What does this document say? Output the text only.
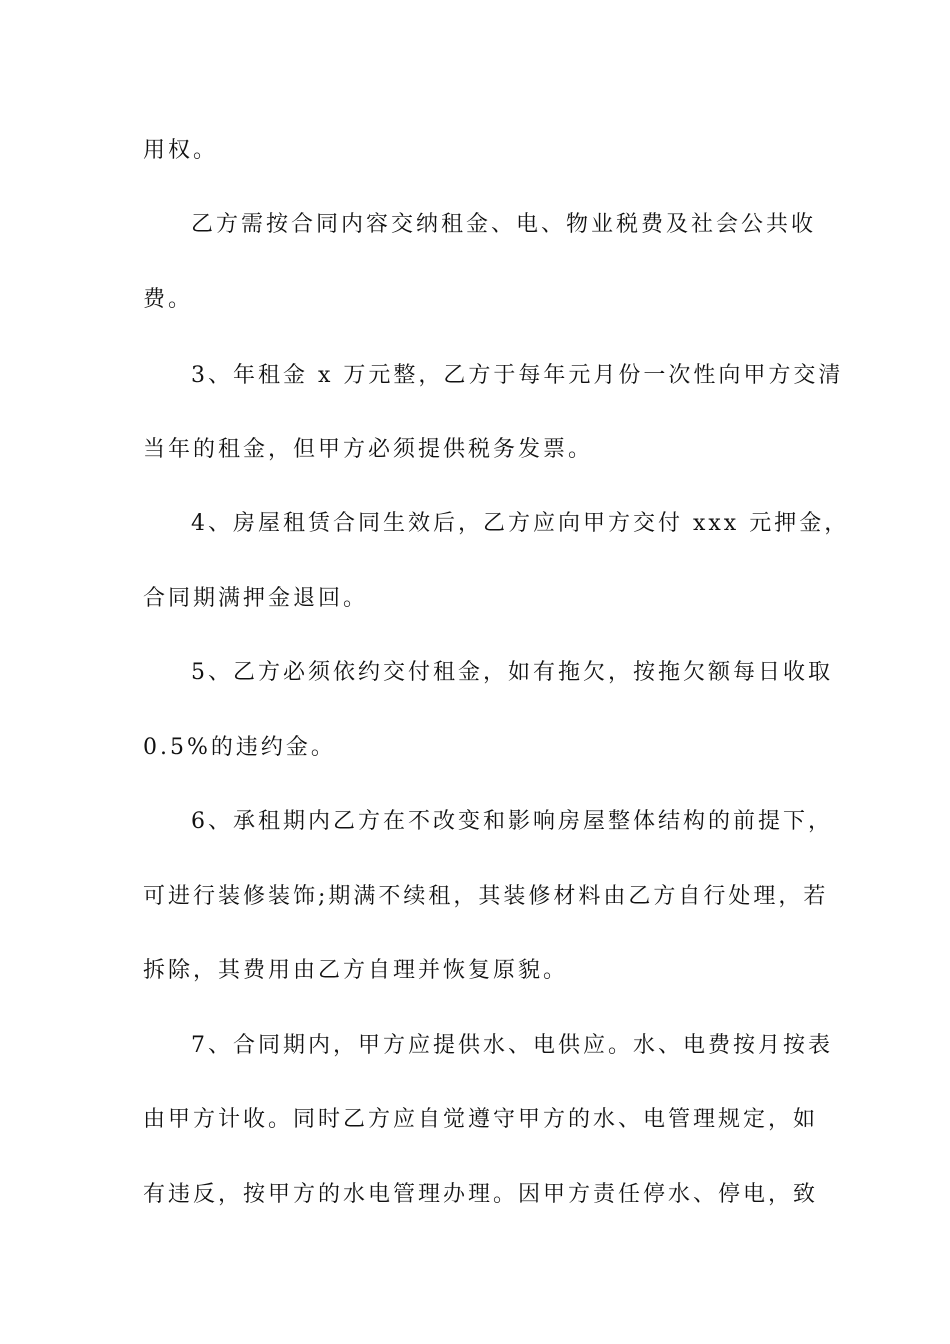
用权。
乙方需按合同内容交纳租金、电、物业税费及社会公共收
费。
3、年租金 x 万元整，乙方于每年元月份一次性向甲方交清
当年的租金，但甲方必须提供税务发票。
4、房屋租赁合同生效后，乙方应向甲方交付 xxx 元押金，
合同期满押金退回。
5、乙方必须依约交付租金，如有拖欠，按拖欠额每日收取
0.5%的违约金。
6、承租期内乙方在不改变和影响房屋整体结构的前提下，
可进行装修装饰;期满不续租，其装修材料由乙方自行处理，若
拆除，其费用由乙方自理并恢复原貌。
7、合同期内，甲方应提供水、电供应。水、电费按月按表
由甲方计收。同时乙方应自觉遵守甲方的水、电管理规定，如
有违反，按甲方的水电管理办理。因甲方责任停水、停电，致
